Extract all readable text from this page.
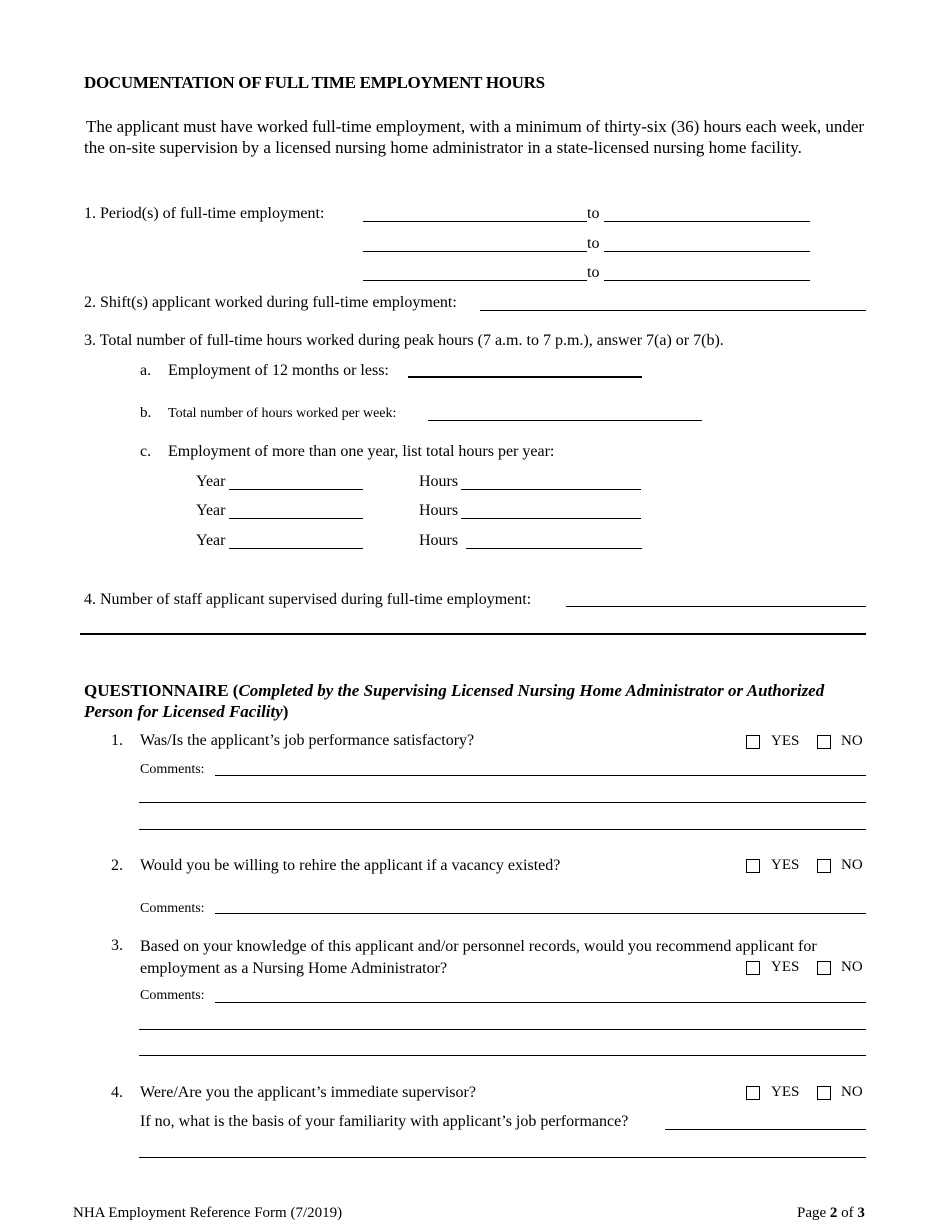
DOCUMENTATION OF FULL TIME EMPLOYMENT HOURS
The applicant must have worked full-time employment, with a minimum of thirty-six (36) hours each week, under the on-site supervision by a licensed nursing home administrator in a state-licensed nursing home facility.
1. Period(s) of full-time employment:	to
to
to
2. Shift(s) applicant worked during full-time employment:
3. Total number of full-time hours worked during peak hours (7 a.m. to 7 p.m.), answer 7(a) or 7(b).
a. Employment of 12 months or less:
b. Total number of hours worked per week:
c. Employment of more than one year, list total hours per year:
Year	Hours
Year	Hours
Year	Hours
4. Number of staff applicant supervised during full-time employment:
QUESTIONNAIRE (Completed by the Supervising Licensed Nursing Home Administrator or Authorized Person for Licensed Facility)
1. Was/Is the applicant’s job performance satisfactory?	YES	NO
Comments:
2. Would you be willing to rehire the applicant if a vacancy existed?	YES	NO
Comments:
3. Based on your knowledge of this applicant and/or personnel records, would you recommend applicant for employment as a Nursing Home Administrator?	YES	NO
Comments:
4. Were/Are you the applicant’s immediate supervisor?	YES	NO
If no, what is the basis of your familiarity with applicant’s job performance?
NHA Employment Reference Form (7/2019)	Page 2 of 3
